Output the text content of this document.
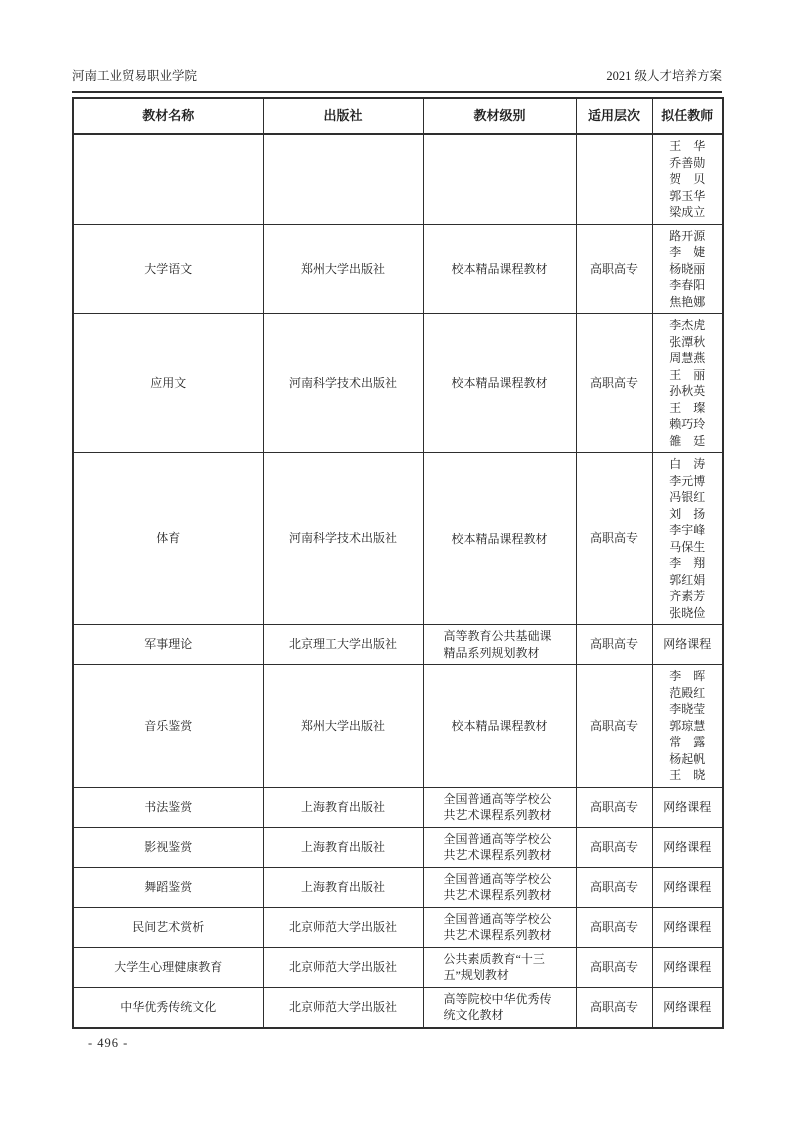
河南工业贸易职业学院	2021 级人才培养方案
教材名称	出版社	教材级别	适用层次	拟任教师

				王　华
乔善勋
贺　贝
郭玉华
梁成立

大学语文	郑州大学出版社	校本精品课程教材	高职高专	路开源
李　婕
杨晓丽
李春阳
焦艳娜

应用文	河南科学技术出版社	校本精品课程教材	高职高专	
李杰虎
张潭秋
周慧燕
王　丽
孙秋英
王　璨
赖巧玲
雒　廷

体育	河南科学技术出版社	校本精品课程教材	高职高专	
白　涛
李元博
冯银红
刘　扬
李宇峰
马保生
李　翔
郭红娟
齐素芳
张晓俭

军事理论	北京理工大学出版社	高等教育公共基础课精品系列规划教材	高职高专	网络课程

音乐鉴赏	郑州大学出版社	校本精品课程教材	高职高专	
李　晖
范殿红
李晓莹
郭琼慧
常　露
杨起帆
王　晓

书法鉴赏	上海教育出版社	全国普通高等学校公共艺术课程系列教材	高职高专	网络课程

影视鉴赏	上海教育出版社	全国普通高等学校公共艺术课程系列教材	高职高专	网络课程

舞蹈鉴赏	上海教育出版社	全国普通高等学校公共艺术课程系列教材	高职高专	网络课程

民间艺术赏析	北京师范大学出版社	全国普通高等学校公共艺术课程系列教材	高职高专	网络课程

大学生心理健康教育	北京师范大学出版社	公共素质教育“十三五”规划教材	高职高专	网络课程

中华优秀传统文化	北京师范大学出版社	高等院校中华优秀传统文化教材	高职高专	网络课程
- 496 -
